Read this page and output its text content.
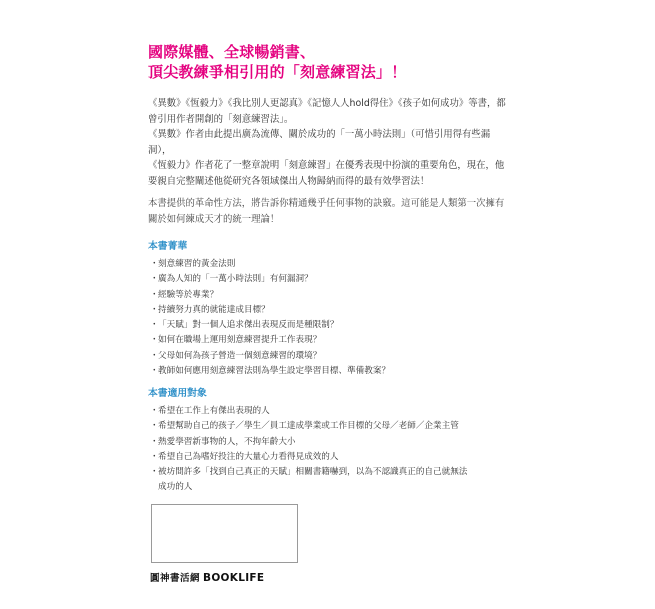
國際媒體、全球暢銷書、
頂尖教練爭相引用的「刻意練習法」！

《異數》《恆毅力》《我比別人更認真》《記憶人人hold得住》《孩子如何成功》等書，都曾引用作者開創的「刻意練習法」。

《異數》作者由此提出廣為流傳、關於成功的「一萬小時法則」（可惜引用得有些漏洞），

《恆毅力》作者花了一整章說明「刻意練習」在優秀表現中扮演的重要角色，現在，他要親自完整闡述他從研究各領域傑出人物歸納而得的最有效學習法！

本書提供的革命性方法，將告訴你精通幾乎任何事物的訣竅。這可能是人類第一次擁有關於如何練成天才的統一理論！

本書菁華
・刻意練習的黃金法則
・廣為人知的「一萬小時法則」有何漏洞？
・經驗等於專業？
・持續努力真的就能達成目標？
・「天賦」對一個人追求傑出表現反而是種限制？
・如何在職場上運用刻意練習提升工作表現？
・父母如何為孩子營造一個刻意練習的環境？
・教師如何應用刻意練習法則為學生設定學習目標、準備教案？
本書適用對象
・希望在工作上有傑出表現的人
・希望幫助自己的孩子／學生／員工達成學業或工作目標的父母／老師／企業主管
・熱愛學習新事物的人，不拘年齡大小
・希望自己為嗜好投注的大量心力看得見成效的人
・被坊間許多「找到自己真正的天賦」相關書籍嚇到，以為不認識真正的自己就無法
成功的人
圓神書活網 BOOKLIFE
